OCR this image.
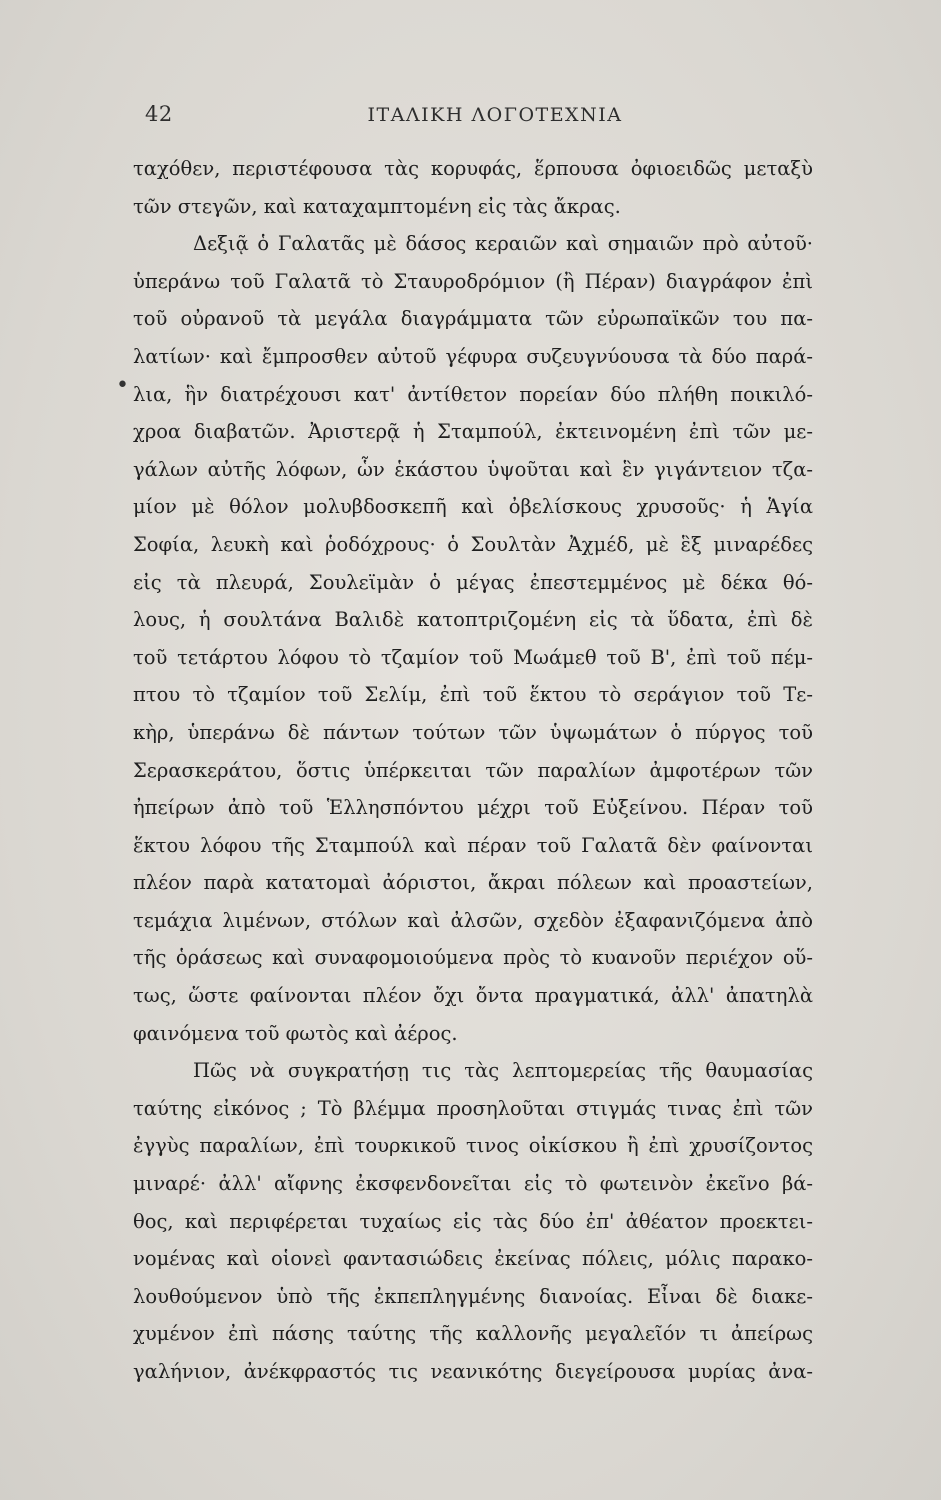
42	ΙΤΑΛΙΚΗ ΛΟΓΟΤΕΧΝΙΑ
•
ταχόθεν, περιστέφουσα τὰς κορυφάς, ἕρπουσα ὀφιοειδῶς μεταξὺ
τῶν στεγῶν, καὶ καταχαμπτομένη εἰς τὰς ἄκρας.
Δεξιᾷ ὁ Γαλατᾶς μὲ δάσος κεραιῶν καὶ σημαιῶν πρὸ αὐτοῦ·
ὑπεράνω τοῦ Γαλατᾶ τὸ Σταυροδρόμιον (ἢ Πέραν) διαγράφον ἐπὶ
τοῦ οὐρανοῦ τὰ μεγάλα διαγράμματα τῶν εὐρωπαϊκῶν του πα-
λατίων· καὶ ἔμπροσθεν αὐτοῦ γέφυρα συζευγνύουσα τὰ δύο παρά-
λια, ἣν διατρέχουσι κατ' ἀντίθετον πορείαν δύο πλήθη ποικιλό-
χροα διαβατῶν. Ἀριστερᾷ ἡ Σταμπούλ, ἐκτεινομένη ἐπὶ τῶν με-
γάλων αὐτῆς λόφων, ὧν ἑκάστου ὑψοῦται καὶ ἓν γιγάντειον τζα-
μίον μὲ θόλον μολυβδοσκεπῆ καὶ ὀβελίσκους χρυσοῦς· ἡ Ἁγία
Σοφία, λευκὴ καὶ ῥοδόχρους· ὁ Σουλτὰν Ἀχμέδ, μὲ ἓξ μιναρέδες
εἰς τὰ πλευρά, Σουλεϊμὰν ὁ μέγας ἐπεστεμμένος μὲ δέκα θό-
λους, ἡ σουλτάνα Βαλιδὲ κατοπτριζομένη εἰς τὰ ὕδατα, ἐπὶ δὲ
τοῦ τετάρτου λόφου τὸ τζαμίον τοῦ Μωάμεθ τοῦ Β', ἐπὶ τοῦ πέμ-
πτου τὸ τζαμίον τοῦ Σελίμ, ἐπὶ τοῦ ἕκτου τὸ σεράγιον τοῦ Τε-
κὴρ, ὑπεράνω δὲ πάντων τούτων τῶν ὑψωμάτων ὁ πύργος τοῦ
Σερασκεράτου, ὅστις ὑπέρκειται τῶν παραλίων ἀμφοτέρων τῶν
ἠπείρων ἀπὸ τοῦ Ἑλλησπόντου μέχρι τοῦ Εὐξείνου. Πέραν τοῦ
ἕκτου λόφου τῆς Σταμπούλ καὶ πέραν τοῦ Γαλατᾶ δὲν φαίνονται
πλέον παρὰ κατατομαὶ ἀόριστοι, ἄκραι πόλεων καὶ προαστείων,
τεμάχια λιμένων, στόλων καὶ ἀλσῶν, σχεδὸν ἐξαφανιζόμενα ἀπὸ
τῆς ὁράσεως καὶ συναφομοιούμενα πρὸς τὸ κυανοῦν περιέχον οὕ-
τως, ὥστε φαίνονται πλέον ὄχι ὄντα πραγματικά, ἀλλ' ἀπατηλὰ
φαινόμενα τοῦ φωτὸς καὶ ἀέρος.
Πῶς νὰ συγκρατήσῃ τις τὰς λεπτομερείας τῆς θαυμασίας
ταύτης εἰκόνος ; Τὸ βλέμμα προσηλοῦται στιγμάς τινας ἐπὶ τῶν
ἐγγὺς παραλίων, ἐπὶ τουρκικοῦ τινος οἰκίσκου ἢ ἐπὶ χρυσίζοντος
μιναρέ· ἀλλ' αἴφνης ἐκσφενδονεῖται εἰς τὸ φωτεινὸν ἐκεῖνο βά-
θος, καὶ περιφέρεται τυχαίως εἰς τὰς δύο ἐπ' ἀθέατον προεκτει-
νομένας καὶ οἱονεὶ φαντασιώδεις ἐκείνας πόλεις, μόλις παρακο-
λουθούμενον ὑπὸ τῆς ἐκπεπληγμένης διανοίας. Εἶναι δὲ διακε-
χυμένον ἐπὶ πάσης ταύτης τῆς καλλονῆς μεγαλεῖόν τι ἀπείρως
γαλήνιον, ἀνέκφραστός τις νεανικότης διεγείρουσα μυρίας ἀνα-
